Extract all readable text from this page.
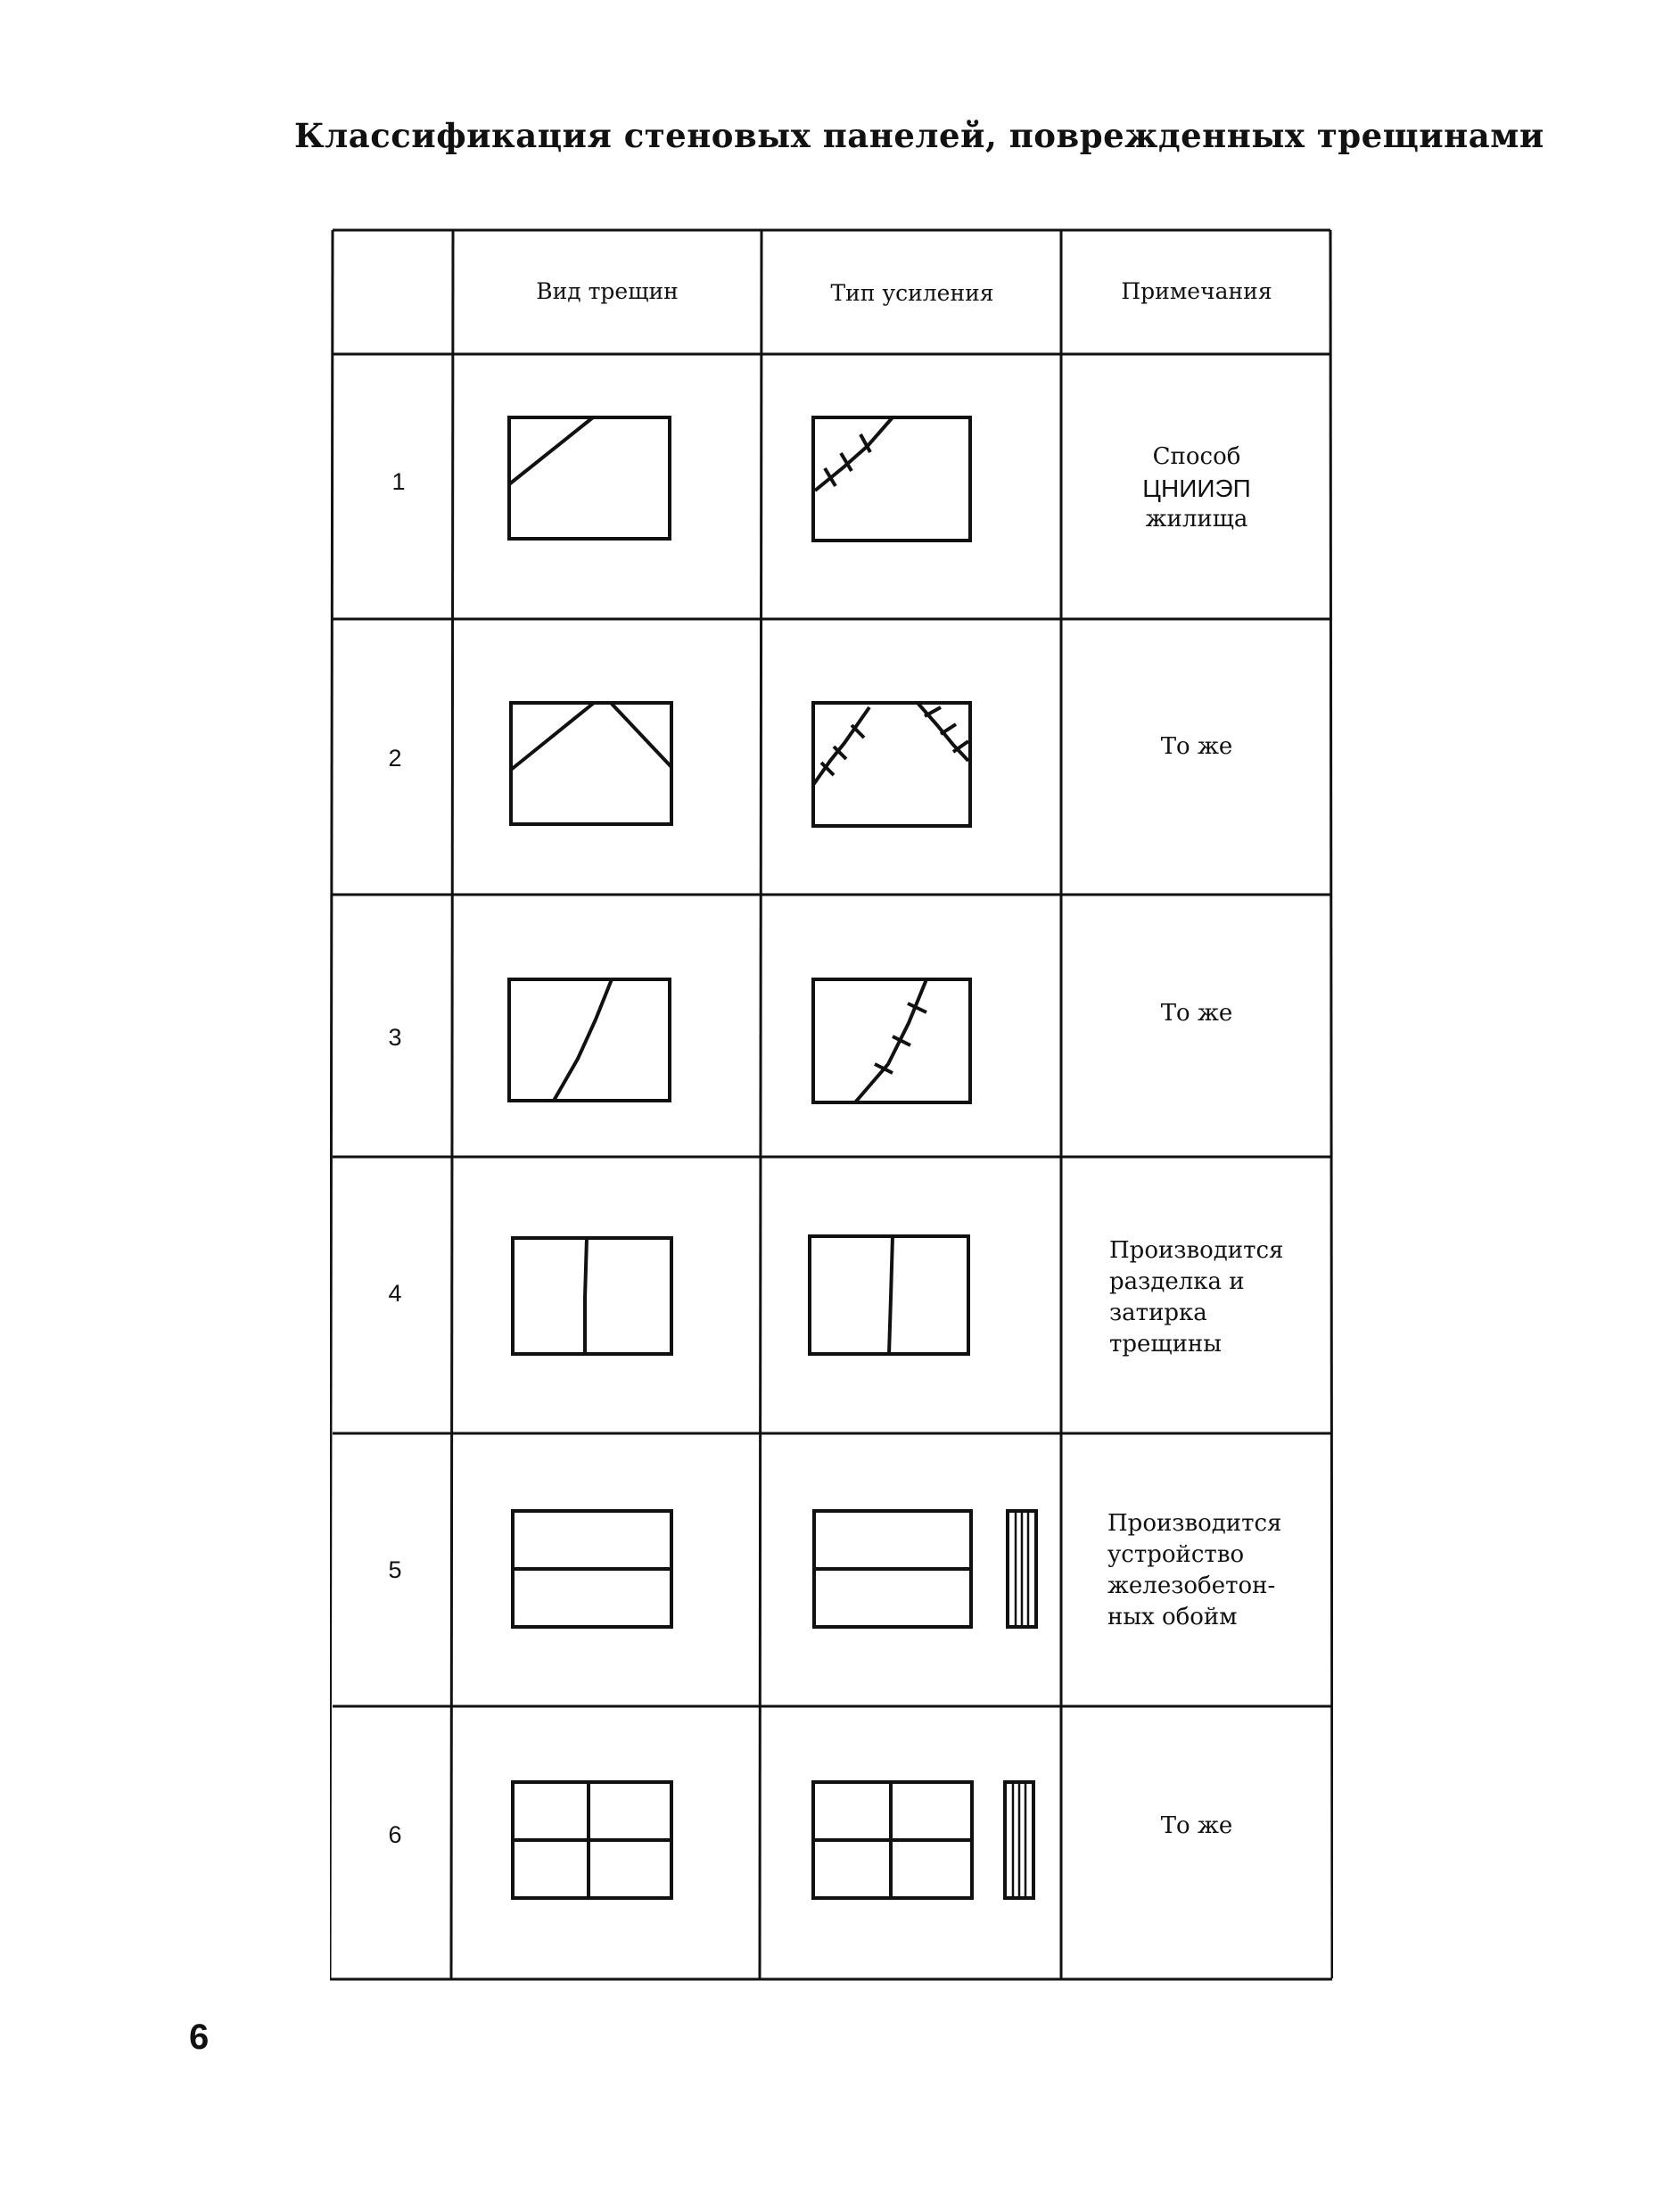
Классификация стеновых панелей, поврежденных трещинами
Вид трещин	Тип усиления	Примечания
1
2
3
4
5
6
Способ
ЦНИИЭП
жилища
То же
То же
Производится
разделка и
затирка
трещины
Производится
устройство
железобетон-
ных обойм
То же
6
